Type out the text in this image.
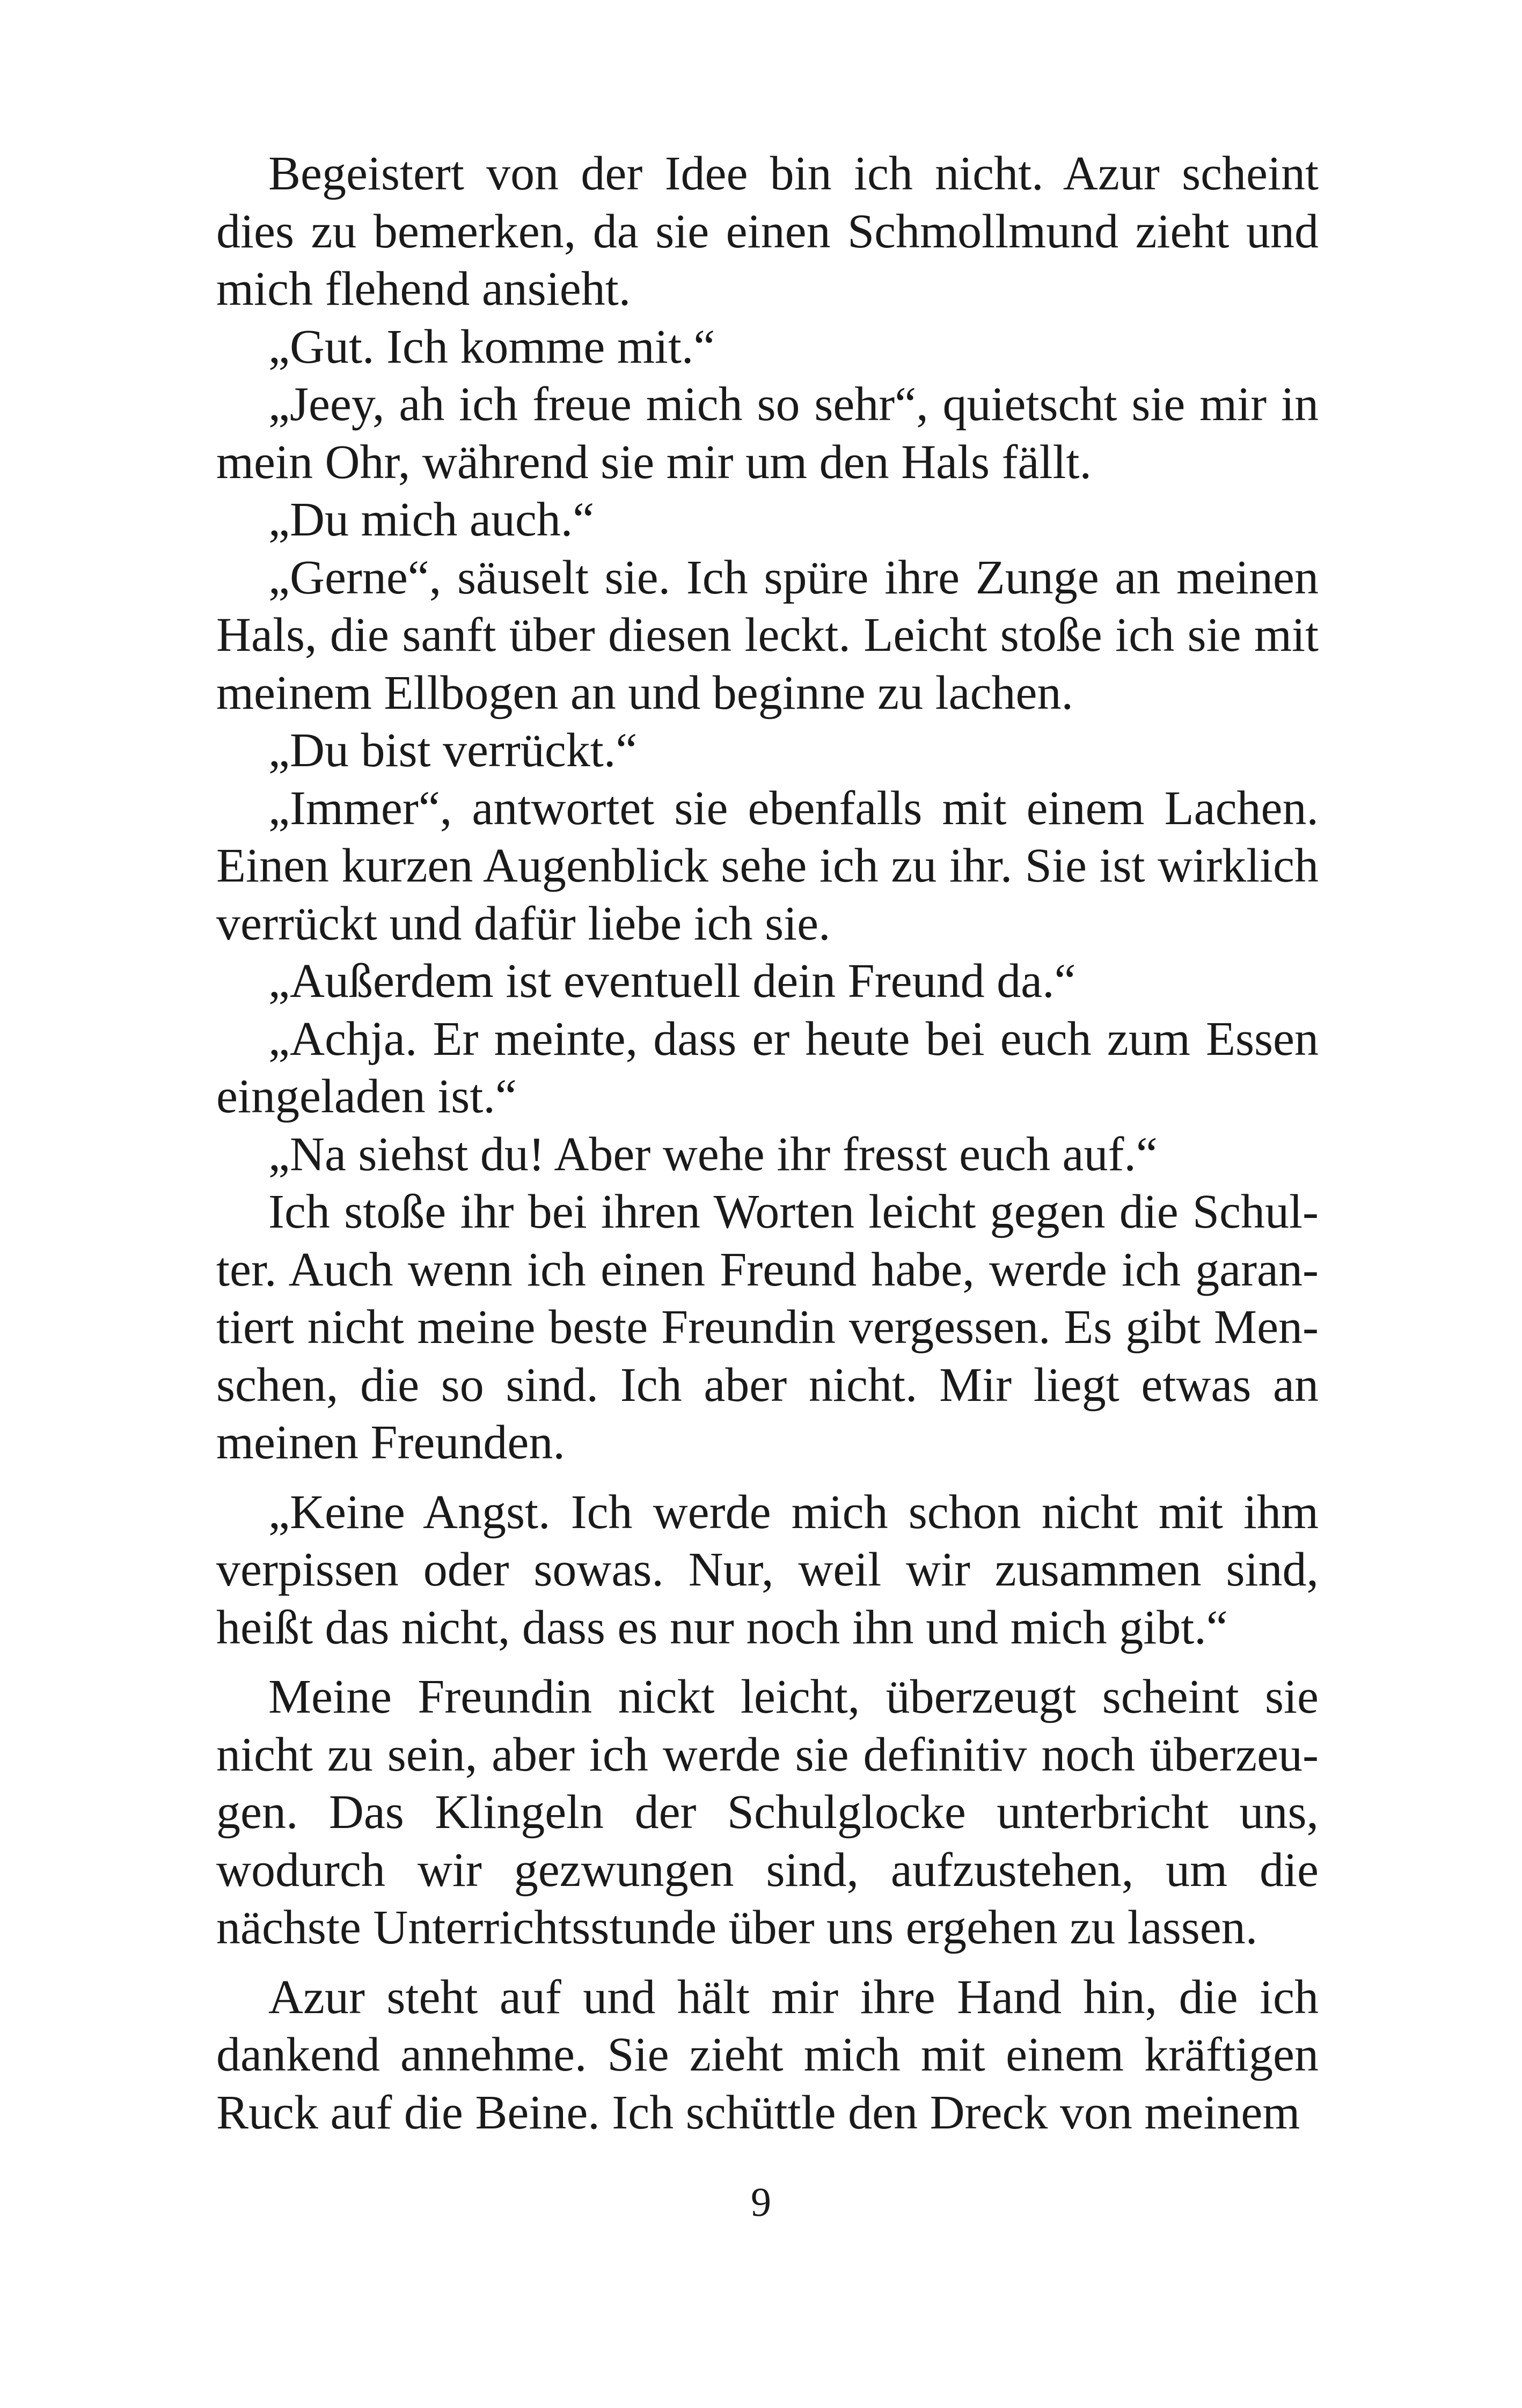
Begeistert von der Idee bin ich nicht. Azur scheint dies zu bemerken, da sie einen Schmollmund zieht und mich flehend ansieht.

„Gut. Ich komme mit.“

„Jeey, ah ich freue mich so sehr“, quietscht sie mir in mein Ohr, während sie mir um den Hals fällt.

„Du mich auch.“

„Gerne“, säuselt sie. Ich spüre ihre Zunge an meinen Hals, die sanft über diesen leckt. Leicht stoße ich sie mit meinem Ellbogen an und beginne zu lachen.

„Du bist verrückt.“

„Immer“, antwortet sie ebenfalls mit einem Lachen. Einen kurzen Augenblick sehe ich zu ihr. Sie ist wirklich verrückt und dafür liebe ich sie.

„Außerdem ist eventuell dein Freund da.“

„Achja. Er meinte, dass er heute bei euch zum Essen eingeladen ist.“

„Na siehst du! Aber wehe ihr fresst euch auf.“

Ich stoße ihr bei ihren Worten leicht gegen die Schulter. Auch wenn ich einen Freund habe, werde ich garantiert nicht meine beste Freundin vergessen. Es gibt Menschen, die so sind. Ich aber nicht. Mir liegt etwas an meinen Freunden.

„Keine Angst. Ich werde mich schon nicht mit ihm verpissen oder sowas. Nur, weil wir zusammen sind, heißt das nicht, dass es nur noch ihn und mich gibt.“

Meine Freundin nickt leicht, überzeugt scheint sie nicht zu sein, aber ich werde sie definitiv noch überzeugen. Das Klingeln der Schulglocke unterbricht uns, wodurch wir gezwungen sind, aufzustehen, um die nächste Unterrichtsstunde über uns ergehen zu lassen.

Azur steht auf und hält mir ihre Hand hin, die ich dankend annehme. Sie zieht mich mit einem kräftigen Ruck auf die Beine. Ich schüttle den Dreck von meinem

9
